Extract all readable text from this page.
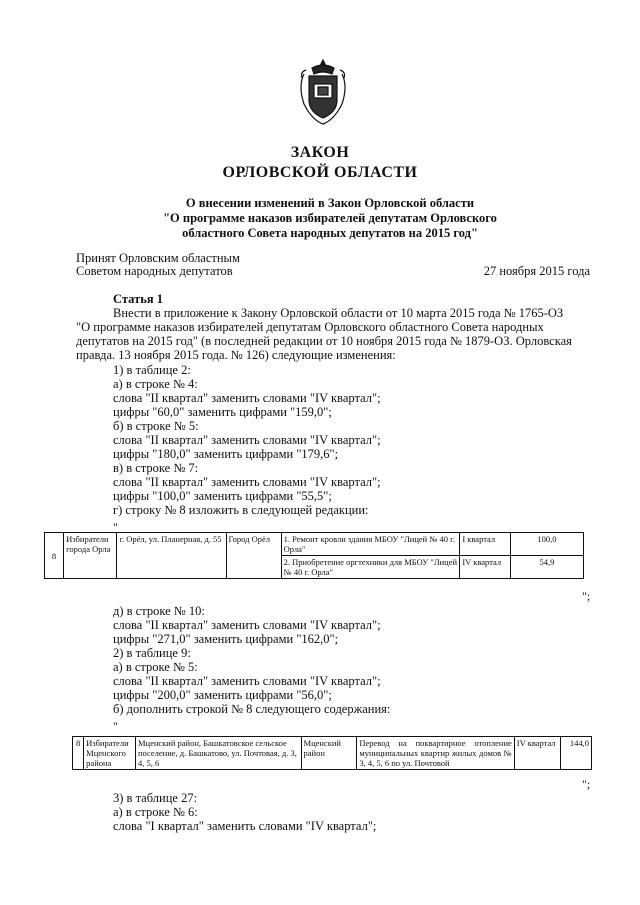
ЗАКОН
ОРЛОВСКОЙ ОБЛАСТИ
О внесении изменений в Закон Орловской области
"О программе наказов избирателей депутатам Орловского
областного Совета народных депутатов на 2015 год"
Принят Орловским областным
Советом народных депутатов	27 ноября 2015 года
Статья 1
Внести в приложение к Закону Орловской области от 10 марта 2015 года № 1765-ОЗ
"О программе наказов избирателей депутатам Орловского областного Совета народных
депутатов на 2015 год" (в последней редакции от 10 ноября 2015 года № 1879-ОЗ. Орловская
правда. 13 ноября 2015 года. № 126) следующие изменения:
1) в таблице 2:
а) в строке № 4:
слова "II квартал" заменить словами "IV квартал";
цифры "60,0" заменить цифрами "159,0";
б) в строке № 5:
слова "II квартал" заменить словами "IV квартал";
цифры "180,0" заменить цифрами "179,6";
в) в строке № 7:
слова "II квартал" заменить словами "IV квартал";
цифры "100,0" заменить цифрами "55,5";
г) строку № 8 изложить в следующей редакции:
"
8	Избиратели города Орла	г. Орёл, ул. Планерная, д. 55	Город Орёл	1. Ремонт кровли здания МБОУ "Лицей № 40 г. Орла"	I квартал	100,0
				2. Приобретение оргтехники для МБОУ "Лицей № 40 г. Орла"	IV квартал	54,9
";
д) в строке № 10:
слова "II квартал" заменить словами "IV квартал";
цифры "271,0" заменить цифрами "162,0";
2) в таблице 9:
а) в строке № 5:
слова "II квартал" заменить словами "IV квартал";
цифры "200,0" заменить цифрами "56,0";
б) дополнить строкой № 8 следующего содержания:
"
8	Избиратели Мценского района	Мценский район, Башкатовское сельское поселение, д. Башкатово, ул. Почтовая, д. 3, 4, 5, 6	Мценский район	Перевод на поквартирное отопление муниципальных квартир жилых домов № 3, 4, 5, 6 по ул. Почтовой	IV квартал	144,0
";
3) в таблице 27:
а) в строке № 6:
слова "I квартал" заменить словами "IV квартал";
